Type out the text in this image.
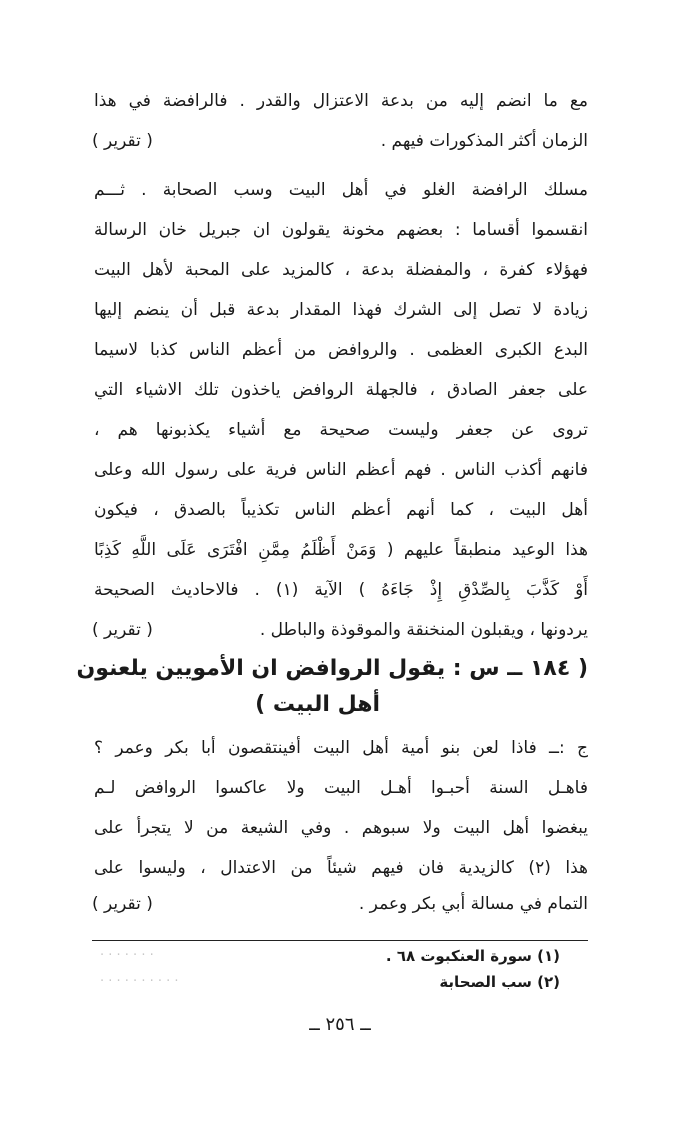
مع ما انضم إليه من بدعة الاعتزال والقدر . فالرافضة في هذا
الزمان أكثر المذكورات فيهم .
( تقرير )
مسلك الرافضة الغلو في أهل البيت وسب الصحابة . ثـــم
انقسموا أقساما : بعضهم مخونة يقولون ان جبريل خان الرسالة
فهؤلاء كفرة ، والمفضلة بدعة ، كالمزيد على المحبة لأهل البيت
زيادة لا تصل إلى الشرك فهذا المقدار بدعة قبل أن ينضم إليها
البدع الكبرى العظمى . والروافض من أعظم الناس كذبا لاسيما
على جعفر الصادق ، فالجهلة الروافض ياخذون تلك الاشياء التي
تروى عن جعفر وليست صحيحة مع أشياء يكذبونها هم ،
فانهم أكذب الناس . فهم أعظم الناس فرية على رسول الله وعلى
أهل البيت ، كما أنهم أعظم الناس تكذيباً بالصدق ، فيكون
هذا الوعيد منطبقاً عليهم ( وَمَنْ أَظْلَمُ مِمَّنِ افْتَرَى عَلَى اللَّهِ كَذِبًا
أَوْ كَذَّبَ بِالصِّدْقِ إِذْ جَاءَهُ ) الآية (١) . فالاحاديث الصحيحة
يردونها ، ويقبلون المنخنقة والموقوذة والباطل .
( تقرير )
( ١٨٤ ــ س : يقول الروافض ان الأمويين يلعنون
أهل البيت )
ج :ــ فاذا لعن بنو أمية أهل البيت أفينتقصون أبا بكر وعمر ؟
فاهـل السنة أحبـوا أهـل البيت ولا عاكسوا الروافض لـم
يبغضوا أهل البيت ولا سبوهم . وفي الشيعة من لا يتجرأ على
هذا (٢) كالزيدية فان فيهم شيئاً من الاعتدال ، وليسوا على
التمام في مسالة أبي بكر وعمر .
( تقرير )
(١) سورة العنكبوت ٦٨ .
(٢) سب الصحابة
· · · · · · ·
· · · · · · · · · ·
ــ ٢٥٦ ــ
